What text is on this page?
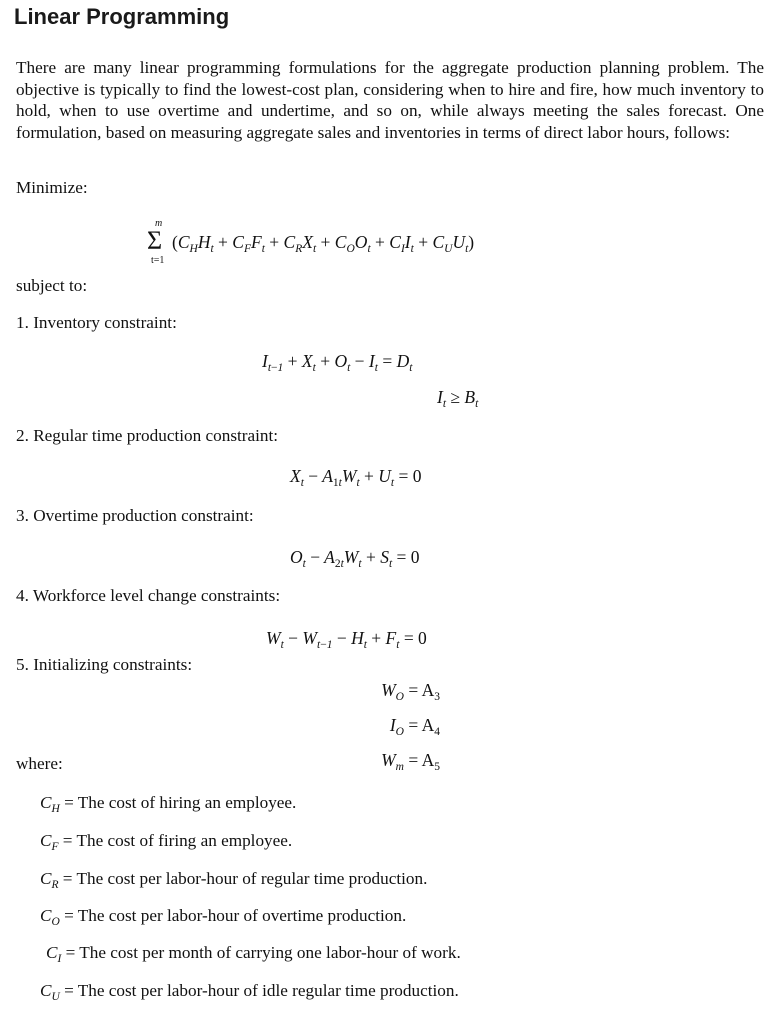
Linear Programming

There are many linear programming formulations for the aggregate production planning problem. The objective is typically to find the lowest-cost plan, considering when to hire and fire, how much inventory to hold, when to use overtime and undertime, and so on, while always meeting the sales forecast. One formulation, based on measuring aggregate sales and inventories in terms of direct labor hours, follows:

Minimize:
m
Σ
t=1
$(C_HH_t + C_FF_t + C_RX_t + C_OO_t + C_II_t + C_UU_t)$
subject to:
1. Inventory constraint:
$I_{t-1} + X_t + O_t - I_t = D_t$
$I_t \ge B_t$
2. Regular time production constraint:
$X_t - A_{1t}W_t + U_t = 0$
3. Overtime production constraint:
$O_t - A_{2t}W_t + S_t = 0$
4. Workforce level change constraints:
$W_t - W_{t-1} - H_t + F_t = 0$
5. Initializing constraints:
$W_O = A_3$
$I_O = A_4$
$W_m = A_5$
where:
$C_H$ = The cost of hiring an employee.
$C_F$ = The cost of firing an employee.
$C_R$ = The cost per labor-hour of regular time production.
$C_O$ = The cost per labor-hour of overtime production.
$C_I$ = The cost per month of carrying one labor-hour of work.
$C_U$ = The cost per labor-hour of idle regular time production.
